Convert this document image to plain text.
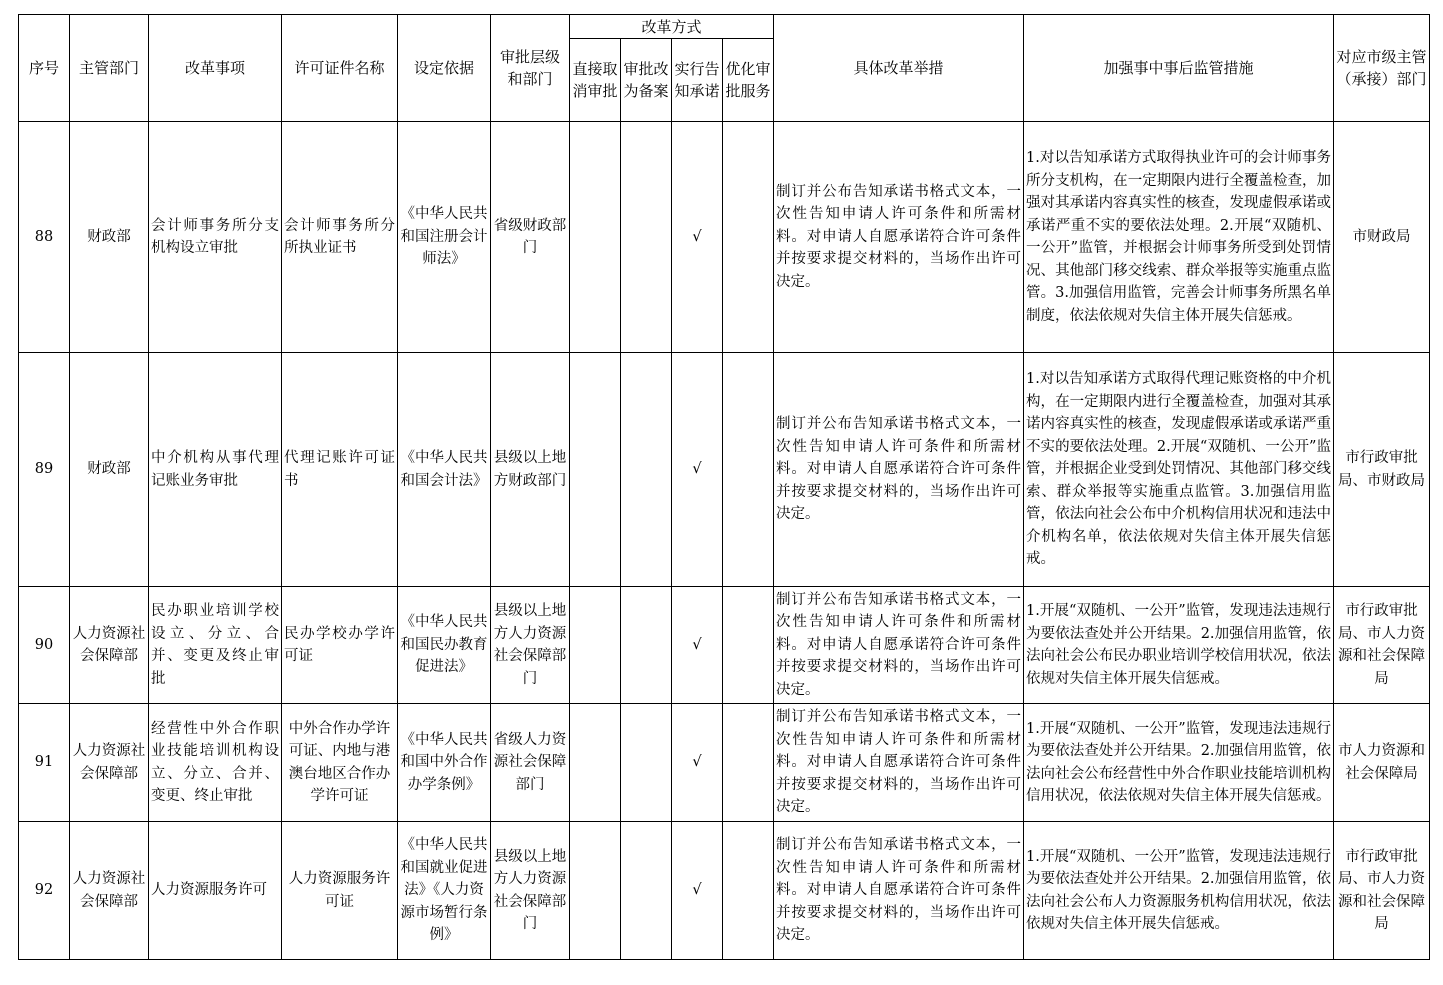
序号	主管部门	改革事项	许可证件名称	设定依据	审批层级和部门	改革方式				具体改革举措	加强事中事后监管措施	对应市级主管（承接）部门
						直接取消审批	审批改为备案	实行告知承诺	优化审批服务			
88	财政部	会计师事务所分支机构设立审批	会计师事务所分所执业证书	《中华人民共和国注册会计师法》	省级财政部门			√		制订并公布告知承诺书格式文本，一次性告知申请人许可条件和所需材料。对申请人自愿承诺符合许可条件并按要求提交材料的，当场作出许可决定。	1.对以告知承诺方式取得执业许可的会计师事务所分支机构，在一定期限内进行全覆盖检查，加强对其承诺内容真实性的核查，发现虚假承诺或承诺严重不实的要依法处理。2.开展“双随机、一公开”监管，并根据会计师事务所受到处罚情况、其他部门移交线索、群众举报等实施重点监管。3.加强信用监管，完善会计师事务所黑名单制度，依法依规对失信主体开展失信惩戒。	市财政局
89	财政部	中介机构从事代理记账业务审批	代理记账许可证书	《中华人民共和国会计法》	县级以上地方财政部门			√		制订并公布告知承诺书格式文本，一次性告知申请人许可条件和所需材料。对申请人自愿承诺符合许可条件并按要求提交材料的，当场作出许可决定。	1.对以告知承诺方式取得代理记账资格的中介机构，在一定期限内进行全覆盖检查，加强对其承诺内容真实性的核查，发现虚假承诺或承诺严重不实的要依法处理。2.开展“双随机、一公开”监管，并根据企业受到处罚情况、其他部门移交线索、群众举报等实施重点监管。3.加强信用监管，依法向社会公布中介机构信用状况和违法中介机构名单，依法依规对失信主体开展失信惩戒。	市行政审批局、市财政局
90	人力资源社会保障部	民办职业培训学校设立、分立、合并、变更及终止审批	民办学校办学许可证	《中华人民共和国民办教育促进法》	县级以上地方人力资源社会保障部门			√		制订并公布告知承诺书格式文本，一次性告知申请人许可条件和所需材料。对申请人自愿承诺符合许可条件并按要求提交材料的，当场作出许可决定。	1.开展“双随机、一公开”监管，发现违法违规行为要依法查处并公开结果。2.加强信用监管，依法向社会公布民办职业培训学校信用状况，依法依规对失信主体开展失信惩戒。	市行政审批局、市人力资源和社会保障局
91	人力资源社会保障部	经营性中外合作职业技能培训机构设立、分立、合并、变更、终止审批	中外合作办学许可证、内地与港澳台地区合作办学许可证	《中华人民共和国中外合作办学条例》	省级人力资源社会保障部门			√		制订并公布告知承诺书格式文本，一次性告知申请人许可条件和所需材料。对申请人自愿承诺符合许可条件并按要求提交材料的，当场作出许可决定。	1.开展“双随机、一公开”监管，发现违法违规行为要依法查处并公开结果。2.加强信用监管，依法向社会公布经营性中外合作职业技能培训机构信用状况，依法依规对失信主体开展失信惩戒。	市人力资源和社会保障局
92	人力资源社会保障部	人力资源服务许可	人力资源服务许可证	《中华人民共和国就业促进法》《人力资源市场暂行条例》	县级以上地方人力资源社会保障部门			√		制订并公布告知承诺书格式文本，一次性告知申请人许可条件和所需材料。对申请人自愿承诺符合许可条件并按要求提交材料的，当场作出许可决定。	1.开展“双随机、一公开”监管，发现违法违规行为要依法查处并公开结果。2.加强信用监管，依法向社会公布人力资源服务机构信用状况，依法依规对失信主体开展失信惩戒。	市行政审批局、市人力资源和社会保障局
